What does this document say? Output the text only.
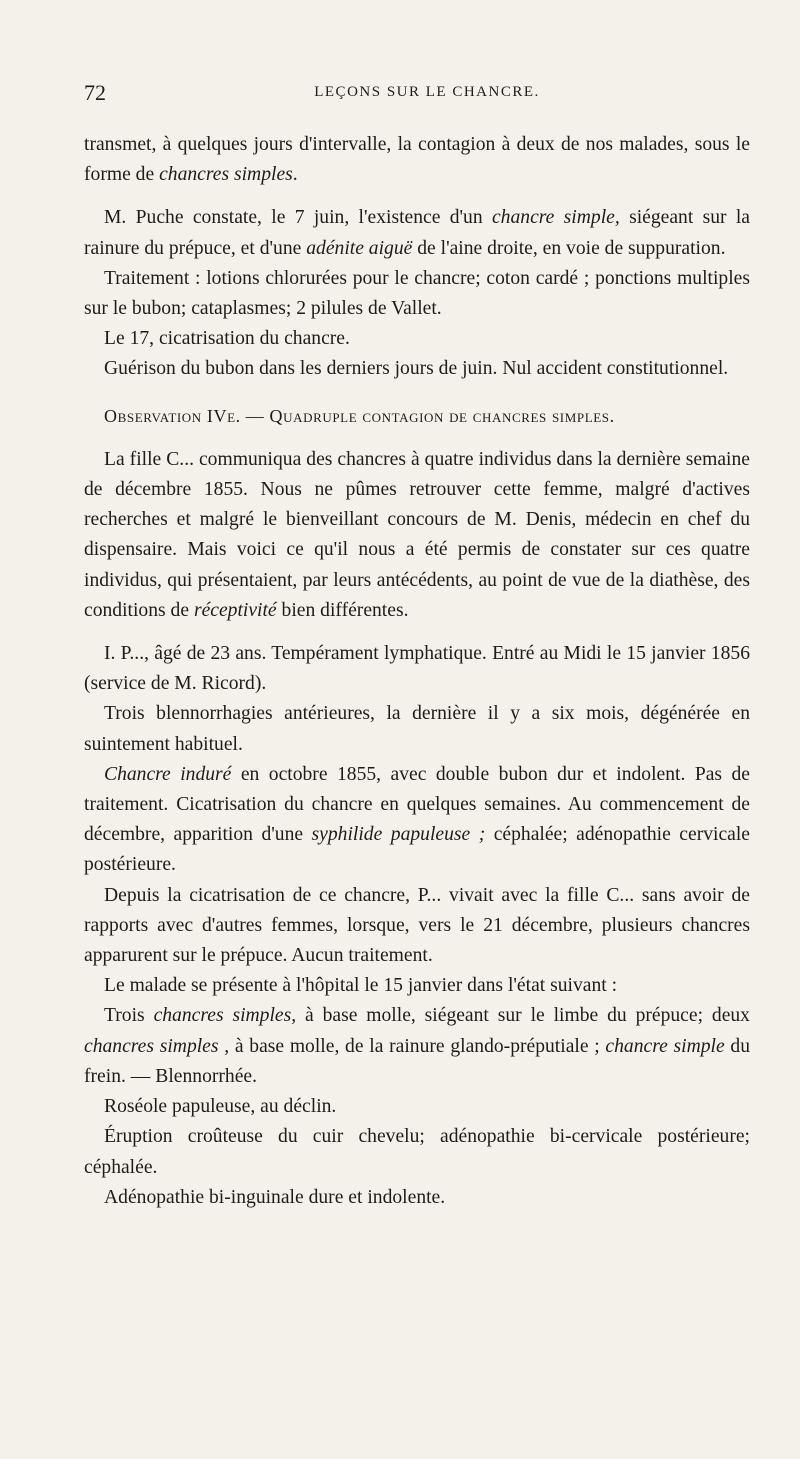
72	LEÇONS SUR LE CHANCRE.

transmet, à quelques jours d'intervalle, la contagion à deux de nos malades, sous le forme de chancres simples.

M. Puche constate, le 7 juin, l'existence d'un chancre simple, siégeant sur la rainure du prépuce, et d'une adénite aiguë de l'aine droite, en voie de suppuration.

Traitement : lotions chlorurées pour le chancre; coton cardé ; ponctions multiples sur le bubon; cataplasmes; 2 pilules de Vallet.

Le 17, cicatrisation du chancre.

Guérison du bubon dans les derniers jours de juin. Nul accident constitutionnel.

Observation IVe. — Quadruple contagion de chancres simples.

La fille C... communiqua des chancres à quatre individus dans la dernière semaine de décembre 1855. Nous ne pûmes retrouver cette femme, malgré d'actives recherches et malgré le bienveillant concours de M. Denis, médecin en chef du dispensaire. Mais voici ce qu'il nous a été permis de constater sur ces quatre individus, qui présentaient, par leurs antécédents, au point de vue de la diathèse, des conditions de réceptivité bien différentes.

I. P..., âgé de 23 ans. Tempérament lymphatique. Entré au Midi le 15 janvier 1856 (service de M. Ricord).

Trois blennorrhagies antérieures, la dernière il y a six mois, dégénérée en suintement habituel.

Chancre induré en octobre 1855, avec double bubon dur et indolent. Pas de traitement. Cicatrisation du chancre en quelques semaines. Au commencement de décembre, apparition d'une syphilide papuleuse ; céphalée; adénopathie cervicale postérieure.

Depuis la cicatrisation de ce chancre, P... vivait avec la fille C... sans avoir de rapports avec d'autres femmes, lorsque, vers le 21 décembre, plusieurs chancres apparurent sur le prépuce. Aucun traitement.

Le malade se présente à l'hôpital le 15 janvier dans l'état suivant :

Trois chancres simples, à base molle, siégeant sur le limbe du prépuce; deux chancres simples , à base molle, de la rainure glando-préputiale ; chancre simple du frein. — Blennorrhée.

Roséole papuleuse, au déclin.

Éruption croûteuse du cuir chevelu; adénopathie bi-cervicale postérieure; céphalée.

Adénopathie bi-inguinale dure et indolente.
